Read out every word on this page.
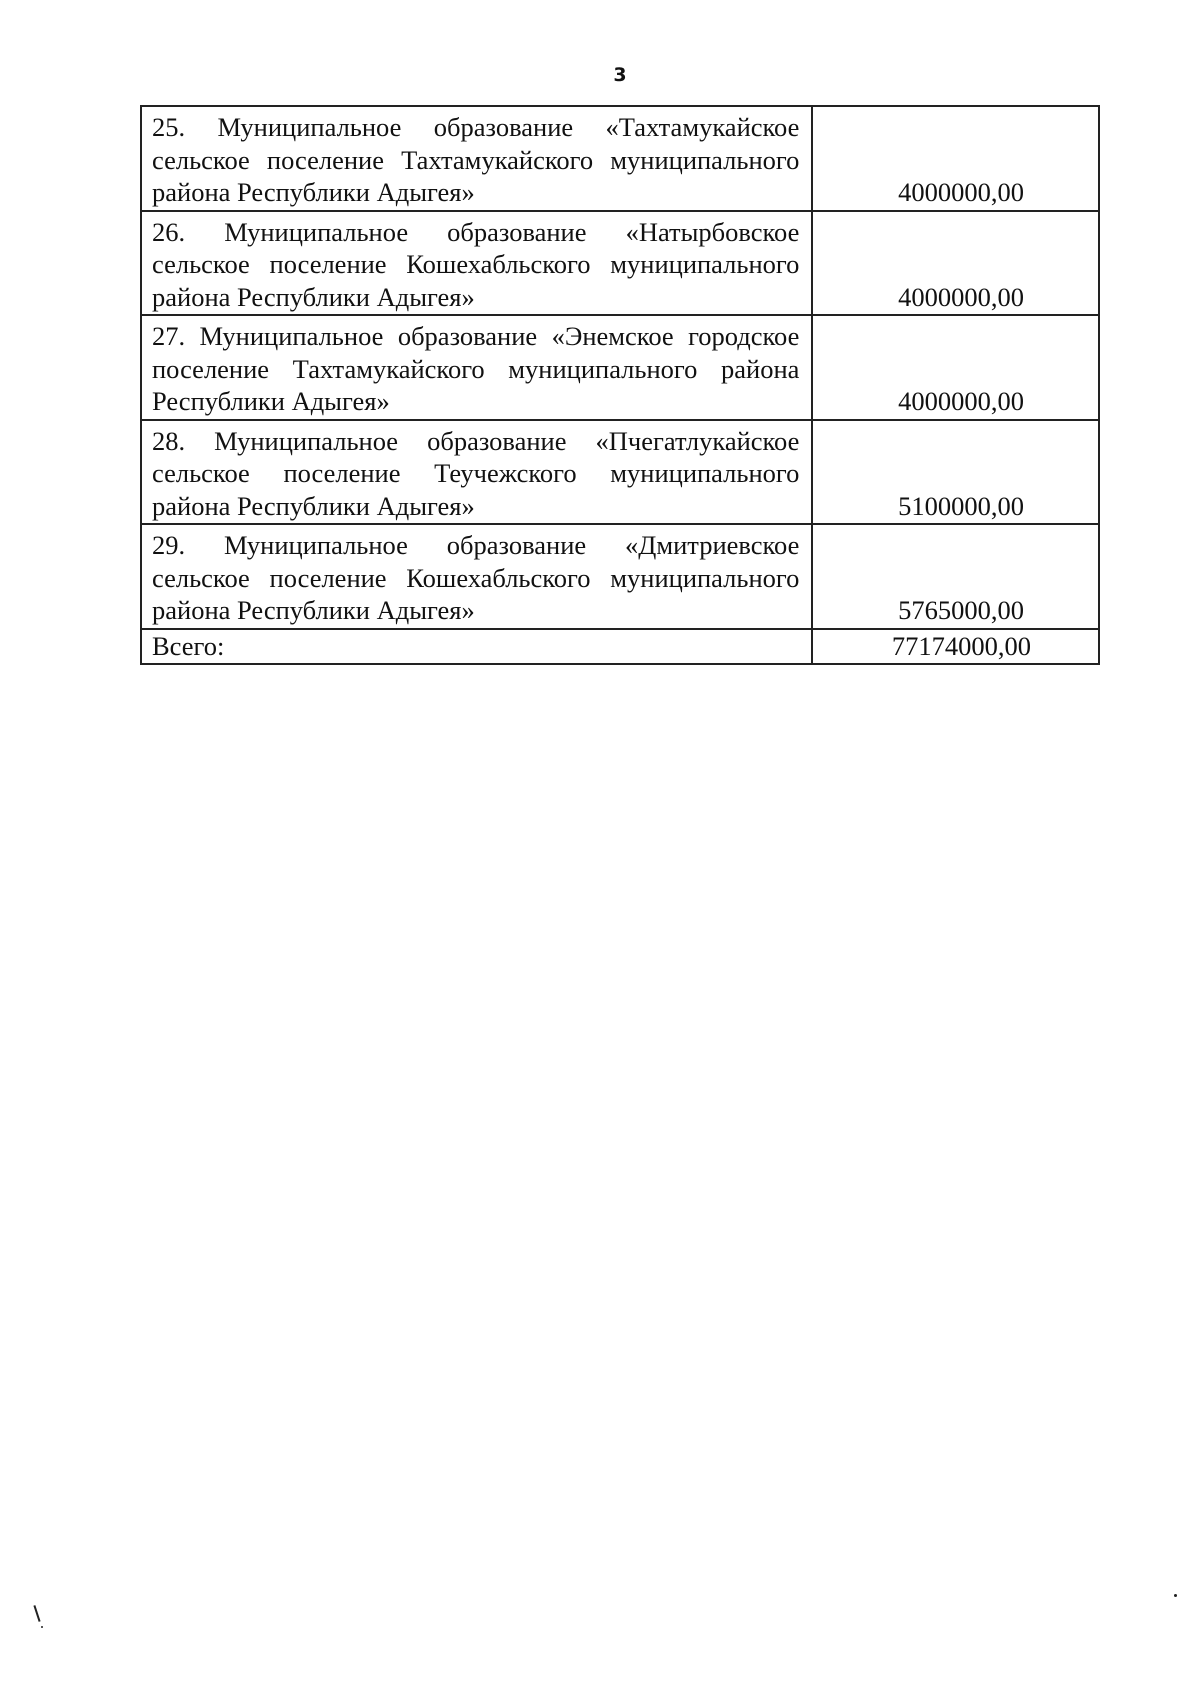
3
25. Муниципальное образование «Тахтамукайское сельское поселение Тахтамукайского муниципального района Республики Адыгея»	4000000,00
26. Муниципальное образование «Натырбовское сельское поселение Кошехабльского муниципального района Республики Адыгея»	4000000,00
27. Муниципальное образование «Энемское городское поселение Тахтамукайского муниципального района Республики Адыгея»	4000000,00
28. Муниципальное образование «Пчегатлукайское сельское поселение Теучежского муниципального района Республики Адыгея»	5100000,00
29. Муниципальное образование «Дмитриевское сельское поселение Кошехабльского муниципального района Республики Адыгея»	5765000,00
Всего:	77174000,00
